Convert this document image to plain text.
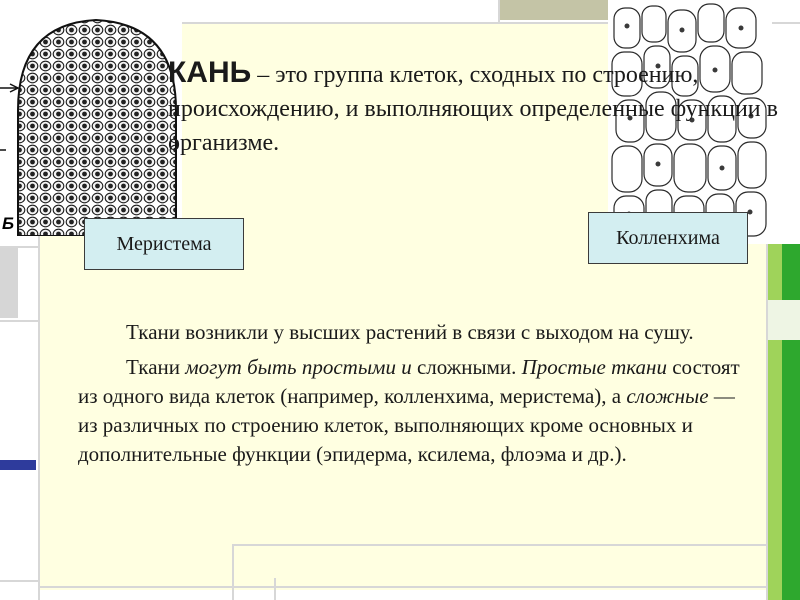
Б
КАНЬ – это группа клеток, сходных по строению, происхождению, и выполняющих определенные функции в организме.
Меристема	Колленхима

Ткани возникли у высших растений в связи с выходом на сушу.

Ткани могут быть простыми и сложными. Простые ткани состоят из одного вида клеток (например, колленхима, меристема), а сложные — из различных по строению клеток, выполняющих кроме основных и дополнительные функции (эпидерма, ксилема, флоэма и др.).
